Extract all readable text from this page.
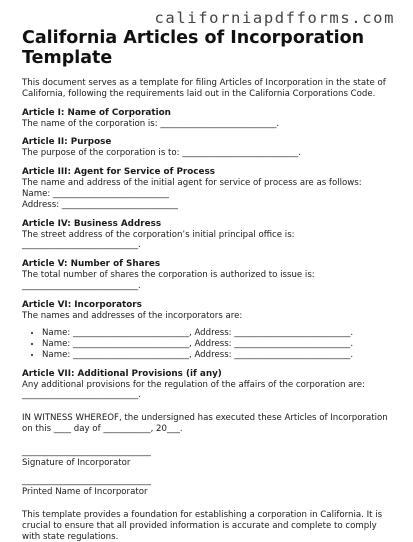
californiapdfforms.com
California Articles of Incorporation
Template

This document serves as a template for filing Articles of Incorporation in the state of California, following the requirements laid out in the California Corporations Code.

Article I: Name of Corporation

The name of the corporation is: ___________________________.

Article II: Purpose

The purpose of the corporation is to: ___________________________.

Article III: Agent for Service of Process

The name and address of the initial agent for service of process are as follows:

Name: ___________________________

Address: ___________________________

Article IV: Business Address

The street address of the corporation’s initial principal office is:

___________________________.

Article V: Number of Shares

The total number of shares the corporation is authorized to issue is:

___________________________.

Article VI: Incorporators

The names and addresses of the incorporators are:

• Name: ___________________________, Address: ___________________________.
• Name: ___________________________, Address: ___________________________.
• Name: ___________________________, Address: ___________________________.

Article VII: Additional Provisions (if any)

Any additional provisions for the regulation of the affairs of the corporation are:

___________________________.

IN WITNESS WHEREOF, the undersigned has executed these Articles of Incorporation on this ____ day of ___________, 20___.

______________________________

Signature of Incorporator

______________________________

Printed Name of Incorporator

This template provides a foundation for establishing a corporation in California. It is crucial to ensure that all provided information is accurate and complete to comply with state regulations.
